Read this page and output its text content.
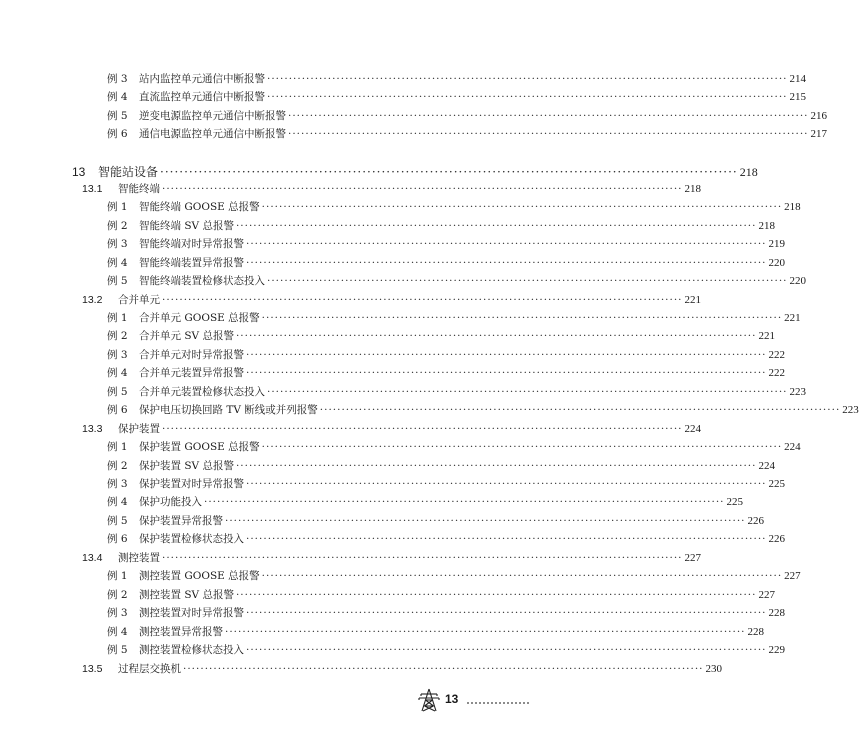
例 3	站内监控单元通信中断报警 ························································································································ 214
例 4	直流监控单元通信中断报警 ························································································································ 215
例 5	逆变电源监控单元通信中断报警 ························································································································ 216
例 6	通信电源监控单元通信中断报警 ························································································································ 217
13	智能站设备 ························································································································ 218
13.1	智能终端 ························································································································ 218
例 1	智能终端 GOOSE 总报警 ························································································································ 218
例 2	智能终端 SV 总报警 ························································································································ 218
例 3	智能终端对时异常报警 ························································································································ 219
例 4	智能终端装置异常报警 ························································································································ 220
例 5	智能终端装置检修状态投入 ························································································································ 220
13.2	合并单元 ························································································································ 221
例 1	合并单元 GOOSE 总报警 ························································································································ 221
例 2	合并单元 SV 总报警 ························································································································ 221
例 3	合并单元对时异常报警 ························································································································ 222
例 4	合并单元装置异常报警 ························································································································ 222
例 5	合并单元装置检修状态投入 ························································································································ 223
例 6	保护电压切换回路 TV 断线或并列报警 ························································································································ 223
13.3	保护装置 ························································································································ 224
例 1	保护装置 GOOSE 总报警 ························································································································ 224
例 2	保护装置 SV 总报警 ························································································································ 224
例 3	保护装置对时异常报警 ························································································································ 225
例 4	保护功能投入 ························································································································ 225
例 5	保护装置异常报警 ························································································································ 226
例 6	保护装置检修状态投入 ························································································································ 226
13.4	测控装置 ························································································································ 227
例 1	测控装置 GOOSE 总报警 ························································································································ 227
例 2	测控装置 SV 总报警 ························································································································ 227
例 3	测控装置对时异常报警 ························································································································ 228
例 4	测控装置异常报警 ························································································································ 228
例 5	测控装置检修状态投入 ························································································································ 229
13.5	过程层交换机 ························································································································ 230
13
